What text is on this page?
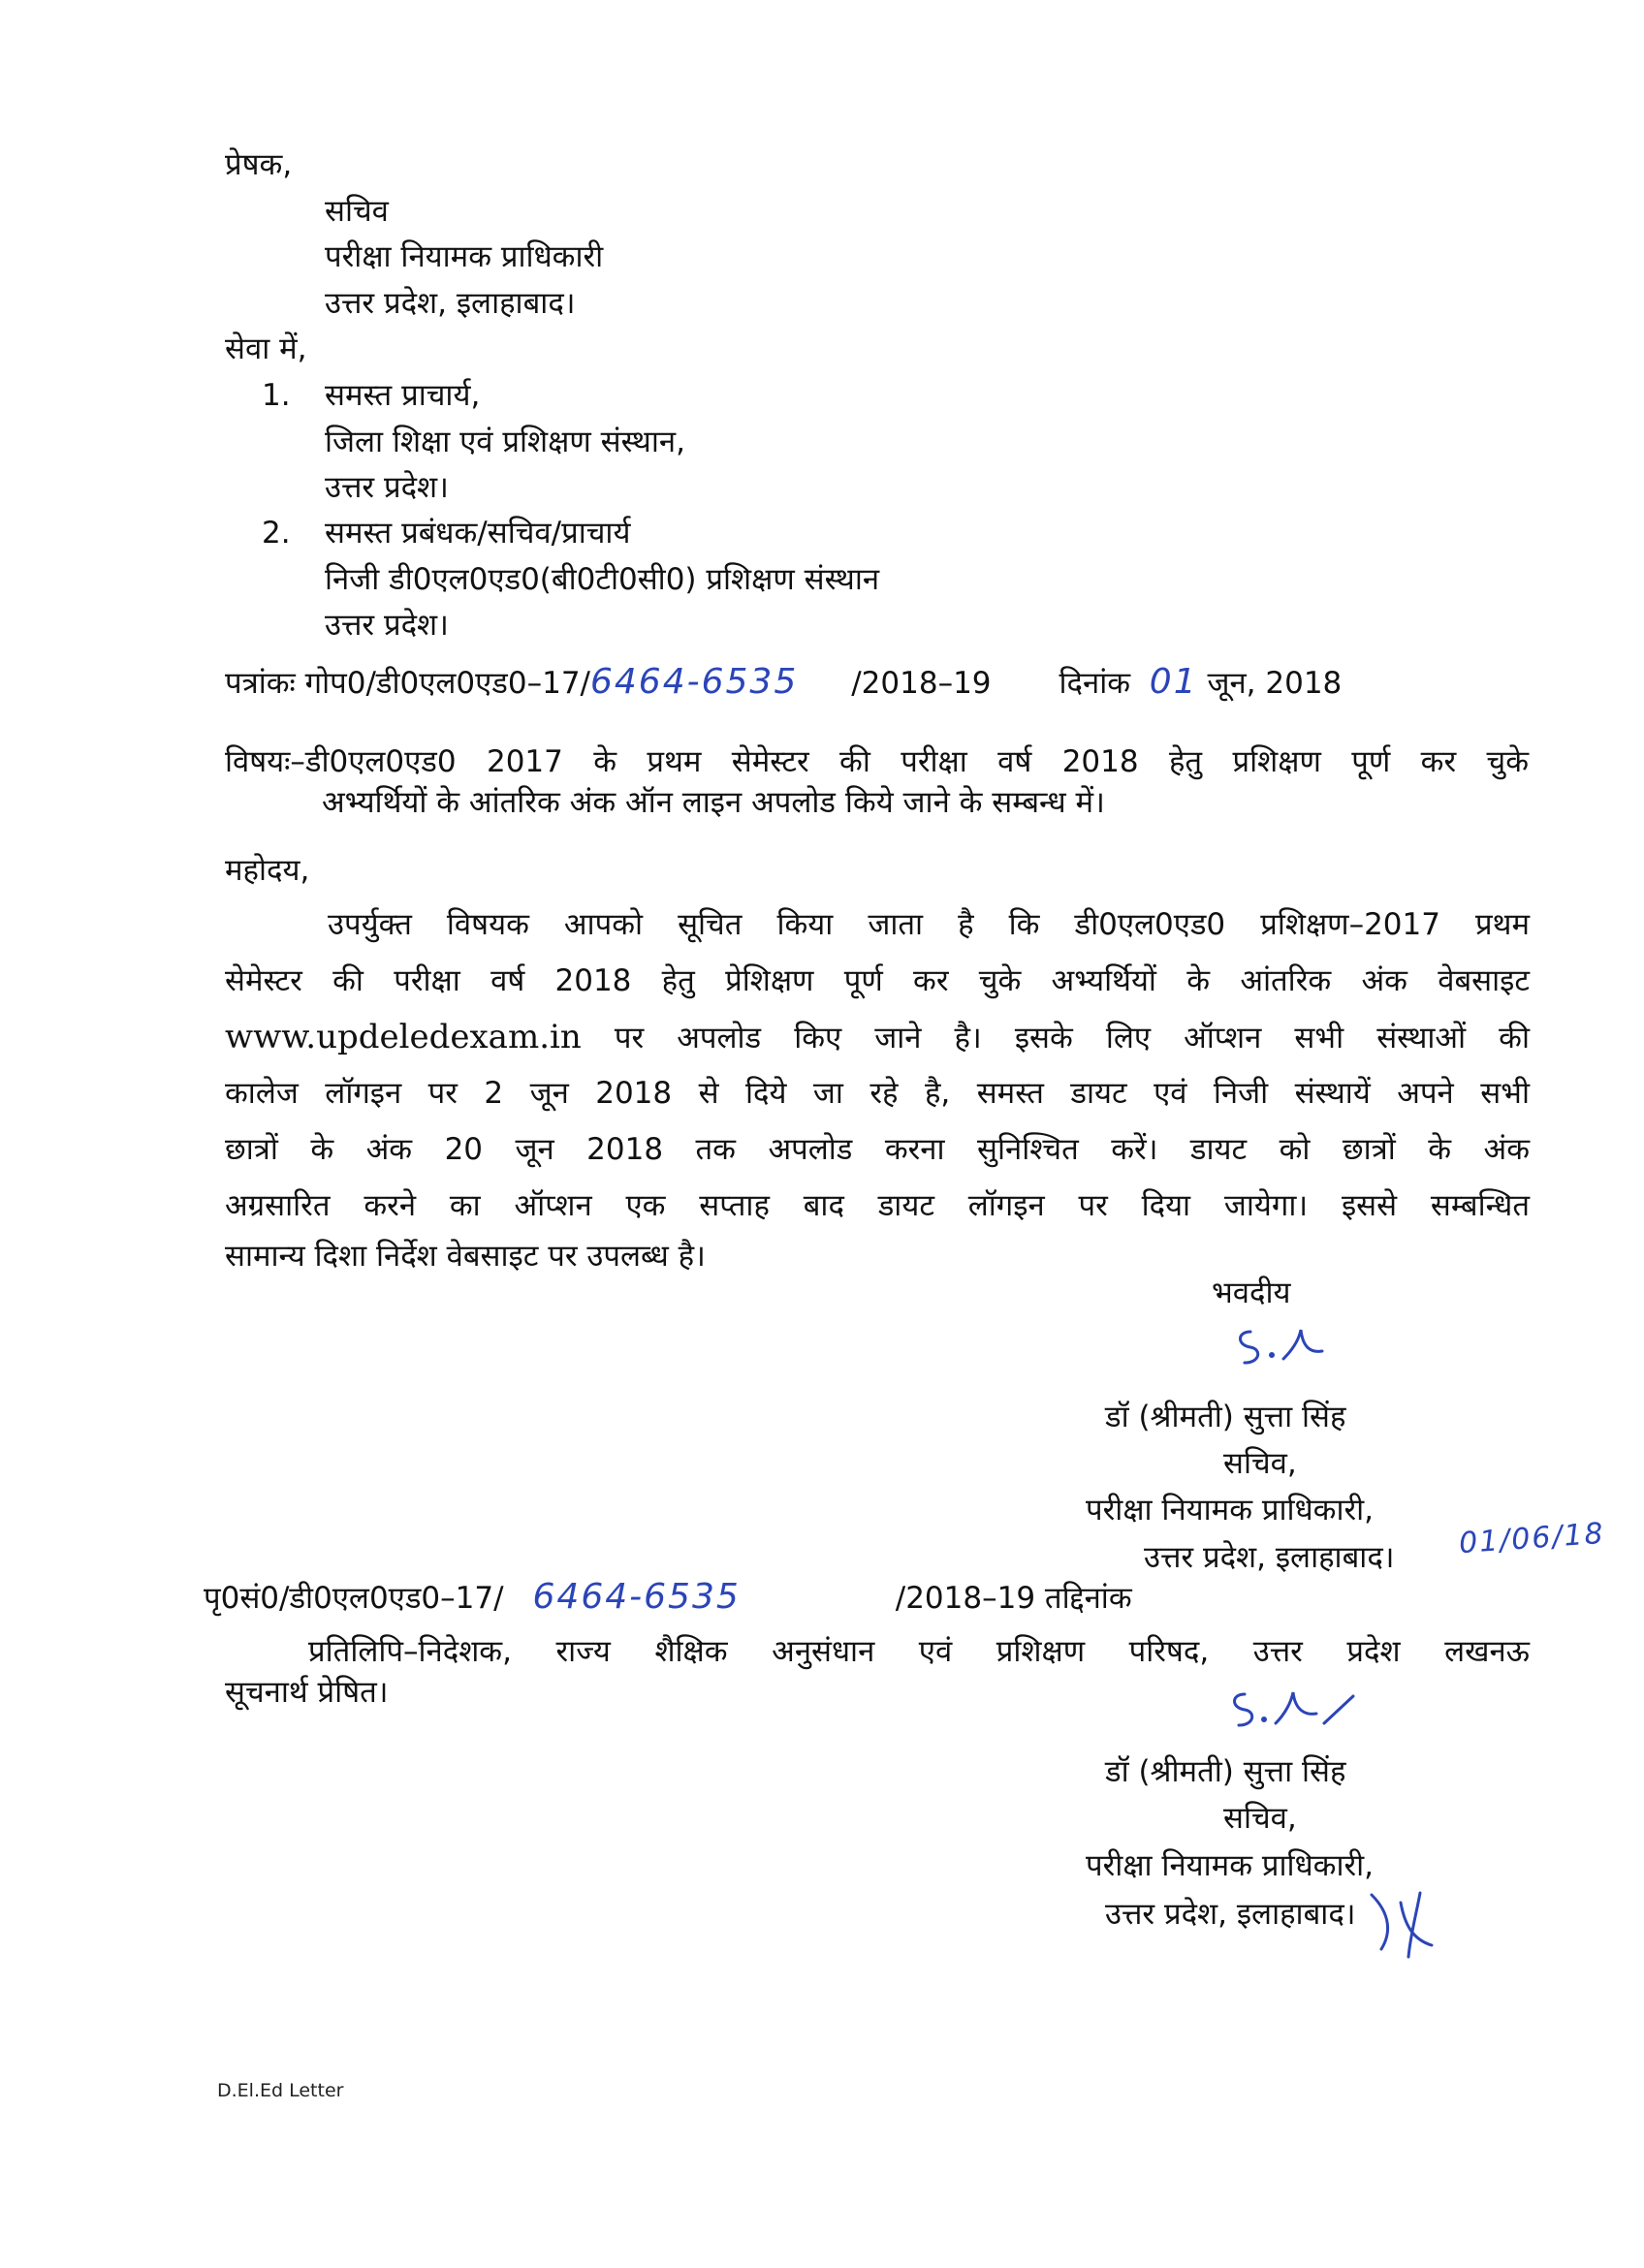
प्रेषक,
सचिव
परीक्षा नियामक प्राधिकारी
उत्तर प्रदेश, इलाहाबाद।
सेवा में,
1. समस्त प्राचार्य,
जिला शिक्षा एवं प्रशिक्षण संस्थान,
उत्तर प्रदेश।
2. समस्त प्रबंधक/सचिव/प्राचार्य
निजी डी0एल0एड0(बी0टी0सी0) प्रशिक्षण संस्थान
उत्तर प्रदेश।
पत्रांकः गोप0/डी0एल0एड0–17/6464-6535 /2018–19 दिनांक 01 जून, 2018
विषयः–डी0एल0एड0 2017 के प्रथम सेमेस्टर की परीक्षा वर्ष 2018 हेतु प्रशिक्षण पूर्ण कर चुके
अभ्यर्थियों के आंतरिक अंक ऑन लाइन अपलोड किये जाने के सम्बन्ध में।
महोदय,
उपर्युक्त विषयक आपको सूचित किया जाता है कि डी0एल0एड0 प्रशिक्षण–2017 प्रथम
सेमेस्टर की परीक्षा वर्ष 2018 हेतु प्रेशिक्षण पूर्ण कर चुके अभ्यर्थियों के आंतरिक अंक वेबसाइट
www.updeledexam.in पर अपलोड किए जाने है। इसके लिए ऑप्शन सभी संस्थाओं की
कालेज लॉगइन पर 2 जून 2018 से दिये जा रहे है, समस्त डायट एवं निजी संस्थायें अपने सभी
छात्रों के अंक 20 जून 2018 तक अपलोड करना सुनिश्चित करें। डायट को छात्रों के अंक
अग्रसारित करने का ऑप्शन एक सप्ताह बाद डायट लॉगइन पर दिया जायेगा। इससे सम्बन्धित
सामान्य दिशा निर्देश वेबसाइट पर उपलब्ध है।
भवदीय
डॉ (श्रीमती) सुत्ता सिंह
सचिव,
परीक्षा नियामक प्राधिकारी,
उत्तर प्रदेश, इलाहाबाद। 01/06/18
पृ0सं0/डी0एल0एड0–17/ 6464-6535	/2018–19 तद्दिनांक
प्रतिलिपि–निदेशक, राज्य शैक्षिक अनुसंधान एवं प्रशिक्षण परिषद, उत्तर प्रदेश लखनऊ
सूचनार्थ प्रेषित।
डॉ (श्रीमती) सुत्ता सिंह
सचिव,
परीक्षा नियामक प्राधिकारी,
उत्तर प्रदेश, इलाहाबाद।
D.El.Ed Letter
